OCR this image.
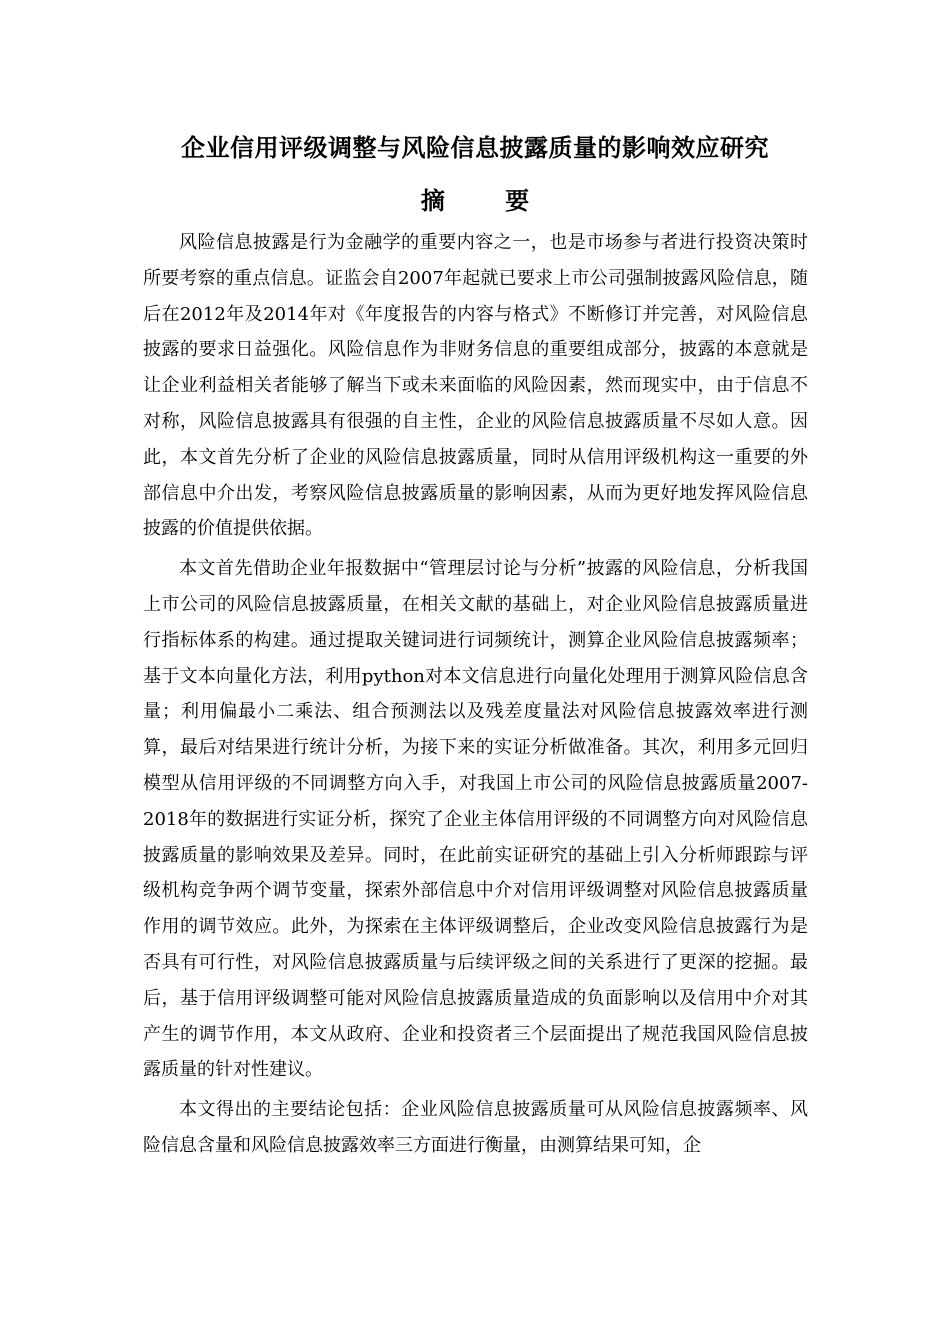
企业信用评级调整与风险信息披露质量的影响效应研究
摘 要

风险信息披露是行为金融学的重要内容之一，也是市场参与者进行投资决策时所要考察的重点信息。证监会自2007年起就已要求上市公司强制披露风险信息，随后在2012年及2014年对《年度报告的内容与格式》不断修订并完善，对风险信息披露的要求日益强化。风险信息作为非财务信息的重要组成部分，披露的本意就是让企业利益相关者能够了解当下或未来面临的风险因素，然而现实中，由于信息不对称，风险信息披露具有很强的自主性，企业的风险信息披露质量不尽如人意。因此，本文首先分析了企业的风险信息披露质量，同时从信用评级机构这一重要的外部信息中介出发，考察风险信息披露质量的影响因素，从而为更好地发挥风险信息披露的价值提供依据。

本文首先借助企业年报数据中“管理层讨论与分析”披露的风险信息，分析我国上市公司的风险信息披露质量，在相关文献的基础上，对企业风险信息披露质量进行指标体系的构建。通过提取关键词进行词频统计，测算企业风险信息披露频率；基于文本向量化方法，利用python对本文信息进行向量化处理用于测算风险信息含量；利用偏最小二乘法、组合预测法以及残差度量法对风险信息披露效率进行测算，最后对结果进行统计分析，为接下来的实证分析做准备。其次，利用多元回归模型从信用评级的不同调整方向入手，对我国上市公司的风险信息披露质量2007-2018年的数据进行实证分析，探究了企业主体信用评级的不同调整方向对风险信息披露质量的影响效果及差异。同时，在此前实证研究的基础上引入分析师跟踪与评级机构竞争两个调节变量，探索外部信息中介对信用评级调整对风险信息披露质量作用的调节效应。此外，为探索在主体评级调整后，企业改变风险信息披露行为是否具有可行性，对风险信息披露质量与后续评级之间的关系进行了更深的挖掘。最后，基于信用评级调整可能对风险信息披露质量造成的负面影响以及信用中介对其产生的调节作用，本文从政府、企业和投资者三个层面提出了规范我国风险信息披露质量的针对性建议。

本文得出的主要结论包括：企业风险信息披露质量可从风险信息披露频率、风险信息含量和风险信息披露效率三方面进行衡量，由测算结果可知，企
